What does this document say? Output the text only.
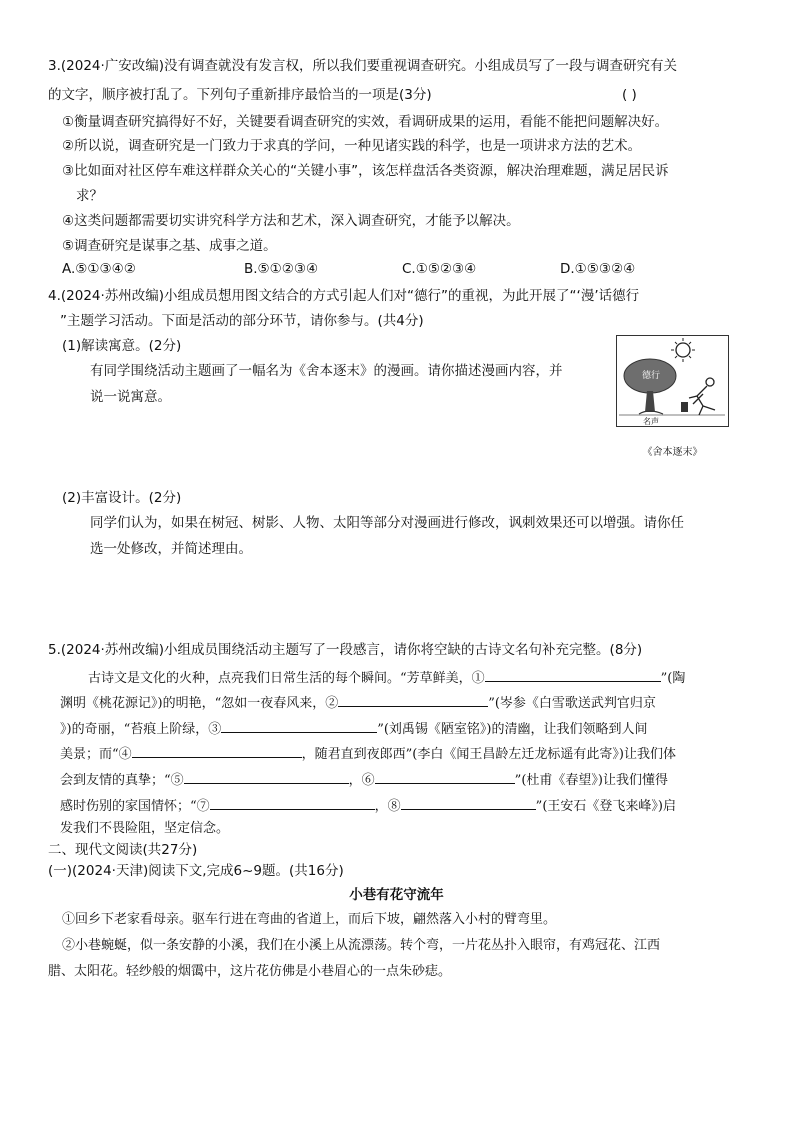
3.(2024·广安改编)没有调查就没有发言权，所以我们要重视调查研究。小组成员写了一段与调查研究有关
的文字，顺序被打乱了。下列句子重新排序最恰当的一项是(3分)	( )
①衡量调查研究搞得好不好，关键要看调查研究的实效，看调研成果的运用，看能不能把问题解决好。
②所以说，调查研究是一门致力于求真的学问，一种见诸实践的科学，也是一项讲求方法的艺术。
③比如面对社区停车难这样群众关心的“关键小事”，该怎样盘活各类资源，解决治理难题，满足居民诉
求？
④这类问题都需要切实讲究科学方法和艺术，深入调查研究，才能予以解决。
⑤调查研究是谋事之基、成事之道。
A.⑤①③④②	B.⑤①②③④	C.①⑤②③④	D.①⑤③②④
4.(2024·苏州改编)小组成员想用图文结合的方式引起人们对“德行”的重视，为此开展了“‘漫’话德行
”主题学习活动。下面是活动的部分环节，请你参与。(共4分)
(1)解读寓意。(2分)
有同学围绕活动主题画了一幅名为《舍本逐末》的漫画。请你描述漫画内容，并
说一说寓意。
德行
名声
《舍本逐末》
(2)丰富设计。(2分)
同学们认为，如果在树冠、树影、人物、太阳等部分对漫画进行修改，讽刺效果还可以增强。请你任
选一处修改，并简述理由。
5.(2024·苏州改编)小组成员围绕活动主题写了一段感言，请你将空缺的古诗文名句补充完整。(8分)
古诗文是文化的火种，点亮我们日常生活的每个瞬间。“芳草鲜美，①	”(陶
渊明《桃花源记》)的明艳，“忽如一夜春风来，②	”(岑参《白雪歌送武判官归京
》)的奇丽，“苔痕上阶绿，③	”(刘禹锡《陋室铭》)的清幽，让我们领略到人间
美景；而“④	，随君直到夜郎西”(李白《闻王昌龄左迁龙标遥有此寄》)让我们体
会到友情的真挚；“⑤	，⑥	”(杜甫《春望》)让我们懂得
感时伤别的家国情怀；“⑦	，⑧	”(王安石《登飞来峰》)启
发我们不畏险阻，坚定信念。
二、现代文阅读(共27分)
(一)(2024·天津)阅读下文,完成6~9题。(共16分)
小巷有花守流年
①回乡下老家看母亲。驱车行进在弯曲的省道上，而后下坡，翩然落入小村的臂弯里。
②小巷蜿蜒，似一条安静的小溪，我们在小溪上从流漂荡。转个弯，一片花丛扑入眼帘，有鸡冠花、江西
腊、太阳花。轻纱般的烟霭中，这片花仿佛是小巷眉心的一点朱砂痣。
